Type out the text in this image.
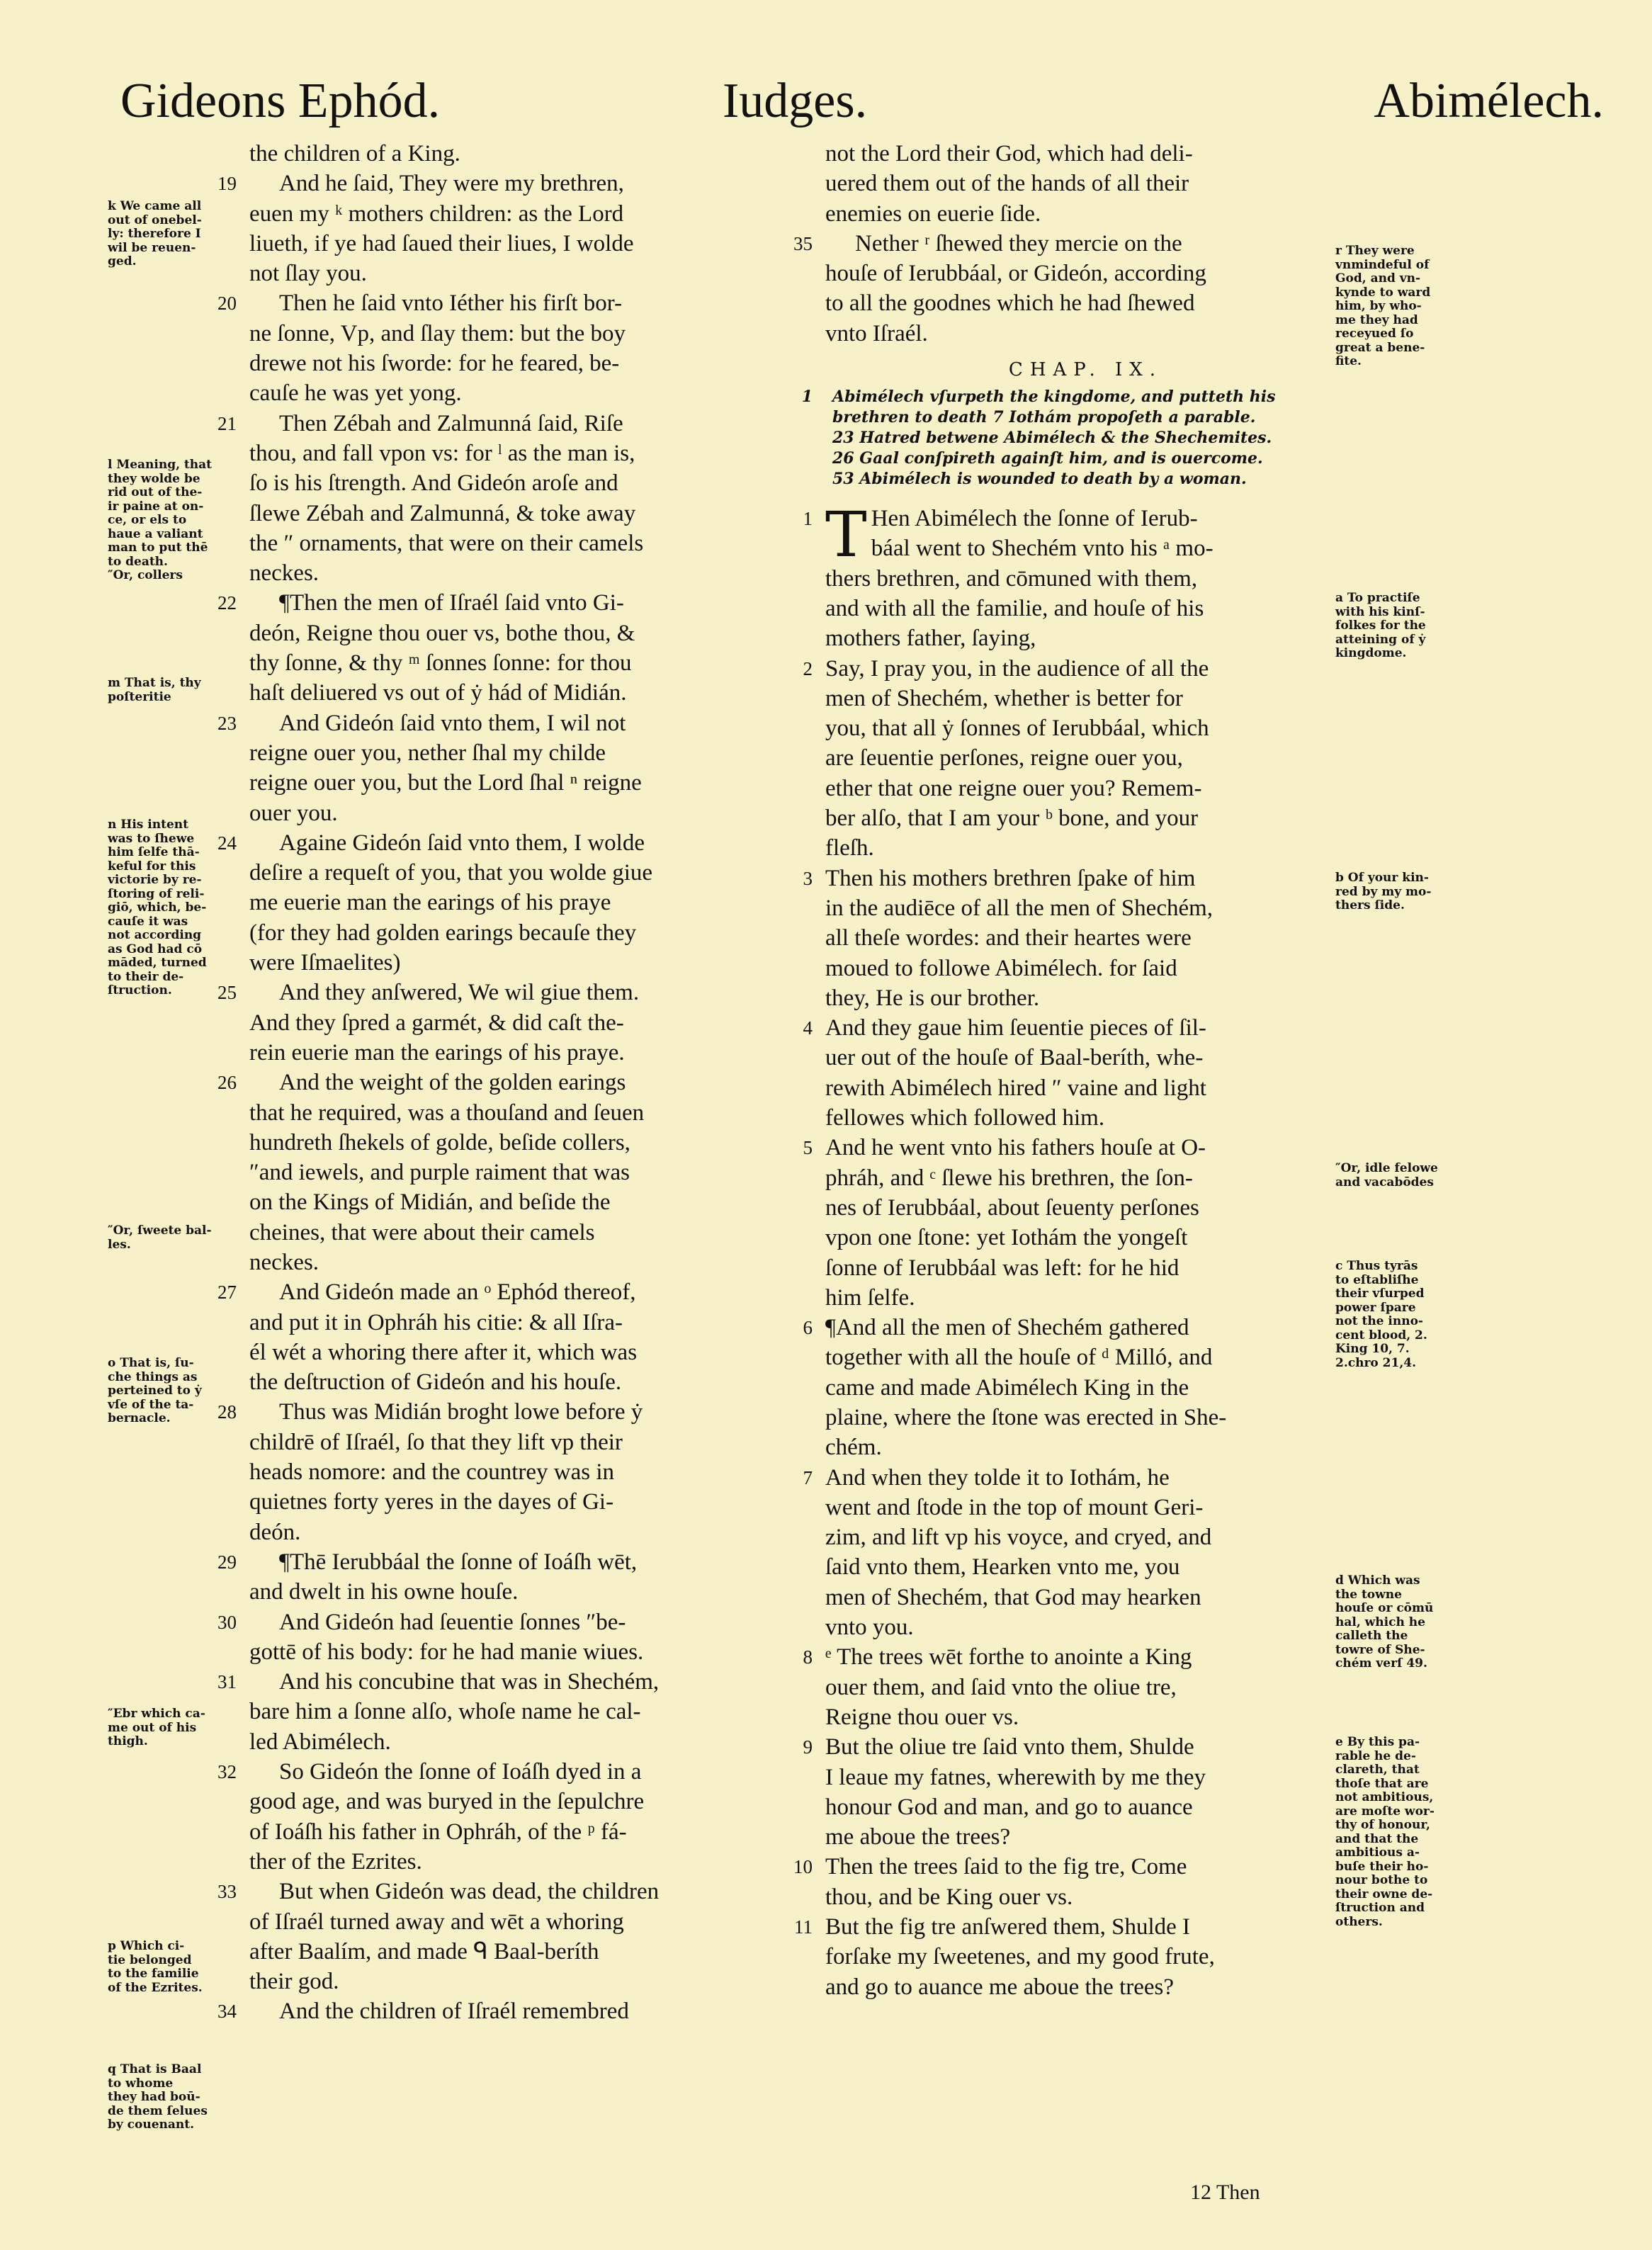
Gideons Ephód.	Iudges.	Abimélech.
k We came all
out of onebel-
ly: therefore I
wil be reuen-
ged.
l Meaning, that
they wolde be
rid out of the-
ir paine at on-
ce, or els to
haue a valiant
man to put thē
to death.
″Or, collers
m That is, thy
poſteritie
n His intent
was to ſhewe
him ſelfe thā-
keful for this
victorie by re-
ſtoring of reli-
giō, which, be-
cauſe it was
not according
as God had cō
māded, turned
to their de-
ſtruction.
″Or, ſweete bal-
les.
o That is, ſu-
che things as
perteined to ẏ
vſe of the ta-
bernacle.
″Ebr which ca-
me out of his
thigh.
p Which ci-
tie belonged
to the familie
of the Ezrites.
q That is Baal
to whome
they had boū-
de them ſelues
by couenant.
r They were
vnmindeful of
God, and vn-
kynde to ward
him, by who-
me they had
receyued ſo
great a bene-
fite.
a To practiſe
with his kinſ-
folkes for the
atteining of ẏ
kingdome.
b Of your kin-
red by my mo-
thers ſide.
″Or, idle felowe
and vacabōdes
c Thus tyrās
to eſtabliſhe
their vſurped
power ſpare
not the inno-
cent blood, 2.
King 10, 7.
2.chro 21,4.
d Which was
the towne
houſe or cōmū
hal, which he
calleth the
towre of She-
chém verſ 49.
e By this pa-
rable he de-
clareth, that
thoſe that are
not ambitious,
are moſte wor-
thy of honour,
and that the
ambitious a-
buſe their ho-
nour bothe to
their owne de-
ſtruction and
others.
the children of a King.
19 And he ſaid, They were my brethren,
euen my ᵏ mothers children: as the Lord
liueth, if ye had ſaued their liues, I wolde
not ſlay you.
20 Then he ſaid vnto Iéther his firſt bor-
ne ſonne, Vp, and ſlay them: but the boy
drewe not his ſworde: for he feared, be-
cauſe he was yet yong.
21 Then Zébah and Zalmunná ſaid, Riſe
thou, and fall vpon vs: for ˡ as the man is,
ſo is his ſtrength. And Gideón aroſe and
ſlewe Zébah and Zalmunná, & toke away
the ″ ornaments, that were on their camels
neckes.
22 ¶Then the men of Iſraél ſaid vnto Gi-
deón, Reigne thou ouer vs, bothe thou, &
thy ſonne, & thy ᵐ ſonnes ſonne: for thou
haſt deliuered vs out of ẏ hád of Midián.
23 And Gideón ſaid vnto them, I wil not
reigne ouer you, nether ſhal my childe
reigne ouer you, but the Lord ſhal ⁿ reigne
ouer you.
24 Againe Gideón ſaid vnto them, I wolde
deſire a requeſt of you, that you wolde giue
me euerie man the earings of his praye
(for they had golden earings becauſe they
were Iſmaelites)
25 And they anſwered, We wil giue them.
And they ſpred a garmét, & did caſt the-
rein euerie man the earings of his praye.
26 And the weight of the golden earings
that he required, was a thouſand and ſeuen
hundreth ſhekels of golde, beſide collers,
″and iewels, and purple raiment that was
on the Kings of Midián, and beſide the
cheines, that were about their camels
neckes.
27 And Gideón made an ᵒ Ephód thereof,
and put it in Ophráh his citie: & all Iſra-
él wét a whoring there after it, which was
the deſtruction of Gideón and his houſe.
28 Thus was Midián broght lowe before ẏ
childrē of Iſraél, ſo that they lift vp their
heads nomore: and the countrey was in
quietnes forty yeres in the dayes of Gi-
deón.
29 ¶Thē Ierubbáal the ſonne of Ioáſh wēt,
and dwelt in his owne houſe.
30 And Gideón had ſeuentie ſonnes ″be-
gottē of his body: for he had manie wiues.
31 And his concubine that was in Shechém,
bare him a ſonne alſo, whoſe name he cal-
led Abimélech.
32 So Gideón the ſonne of Ioáſh dyed in a
good age, and was buryed in the ſepulchre
of Ioáſh his father in Ophráh, of the ᵖ fá-
ther of the Ezrites.
33 But when Gideón was dead, the children
of Iſraél turned away and wēt a whoring
after Baalím, and made ᑫ Baal-beríth
their god.
34 And the children of Iſraél remembred
not the Lord their God, which had deli-
uered them out of the hands of all their
enemies on euerie ſide.
35 Nether ʳ ſhewed they mercie on the
houſe of Ierubbáal, or Gideón, according
to all the goodnes which he had ſhewed
vnto Iſraél.
CHAP. IX.
1 Abimélech vſurpeth the kingdome, and putteth his
brethren to death 7 Iothám propoſeth a parable.
23 Hatred betwene Abimélech & the Shechemites.
26 Gaal conſpireth againſt him, and is ouercome.
53 Abimélech is wounded to death by a woman.
T
1	Hen Abimélech the ſonne of Ierub-
báal went to Shechém vnto his ᵃ mo-
thers brethren, and cōmuned with them,
and with all the familie, and houſe of his
mothers father, ſaying,
2 Say, I pray you, in the audience of all the
men of Shechém, whether is better for
you, that all ẏ ſonnes of Ierubbáal, which
are ſeuentie perſones, reigne ouer you,
ether that one reigne ouer you? Remem-
ber alſo, that I am your ᵇ bone, and your
fleſh.
3 Then his mothers brethren ſpake of him
in the audiēce of all the men of Shechém,
all theſe wordes: and their heartes were
moued to followe Abimélech. for ſaid
they, He is our brother.
4 And they gaue him ſeuentie pieces of ſil-
uer out of the houſe of Baal-beríth, whe-
rewith Abimélech hired ″ vaine and light
fellowes which followed him.
5 And he went vnto his fathers houſe at O-
phráh, and ᶜ ſlewe his brethren, the ſon-
nes of Ierubbáal, about ſeuenty perſones
vpon one ſtone: yet Iothám the yongeſt
ſonne of Ierubbáal was left: for he hid
him ſelfe.
6 ¶And all the men of Shechém gathered
together with all the houſe of ᵈ Milló, and
came and made Abimélech King in the
plaine, where the ſtone was erected in She-
chém.
7 And when they tolde it to Iothám, he
went and ſtode in the top of mount Geri-
zim, and lift vp his voyce, and cryed, and
ſaid vnto them, Hearken vnto me, you
men of Shechém, that God may hearken
vnto you.
8 ᵉ The trees wēt forthe to anointe a King
ouer them, and ſaid vnto the oliue tre,
Reigne thou ouer vs.
9 But the oliue tre ſaid vnto them, Shulde
I leaue my fatnes, wherewith by me they
honour God and man, and go to auance
me aboue the trees?
10 Then the trees ſaid to the fig tre, Come
thou, and be King ouer vs.
11 But the fig tre anſwered them, Shulde I
forſake my ſweetenes, and my good frute,
and go to auance me aboue the trees?
12 Then
